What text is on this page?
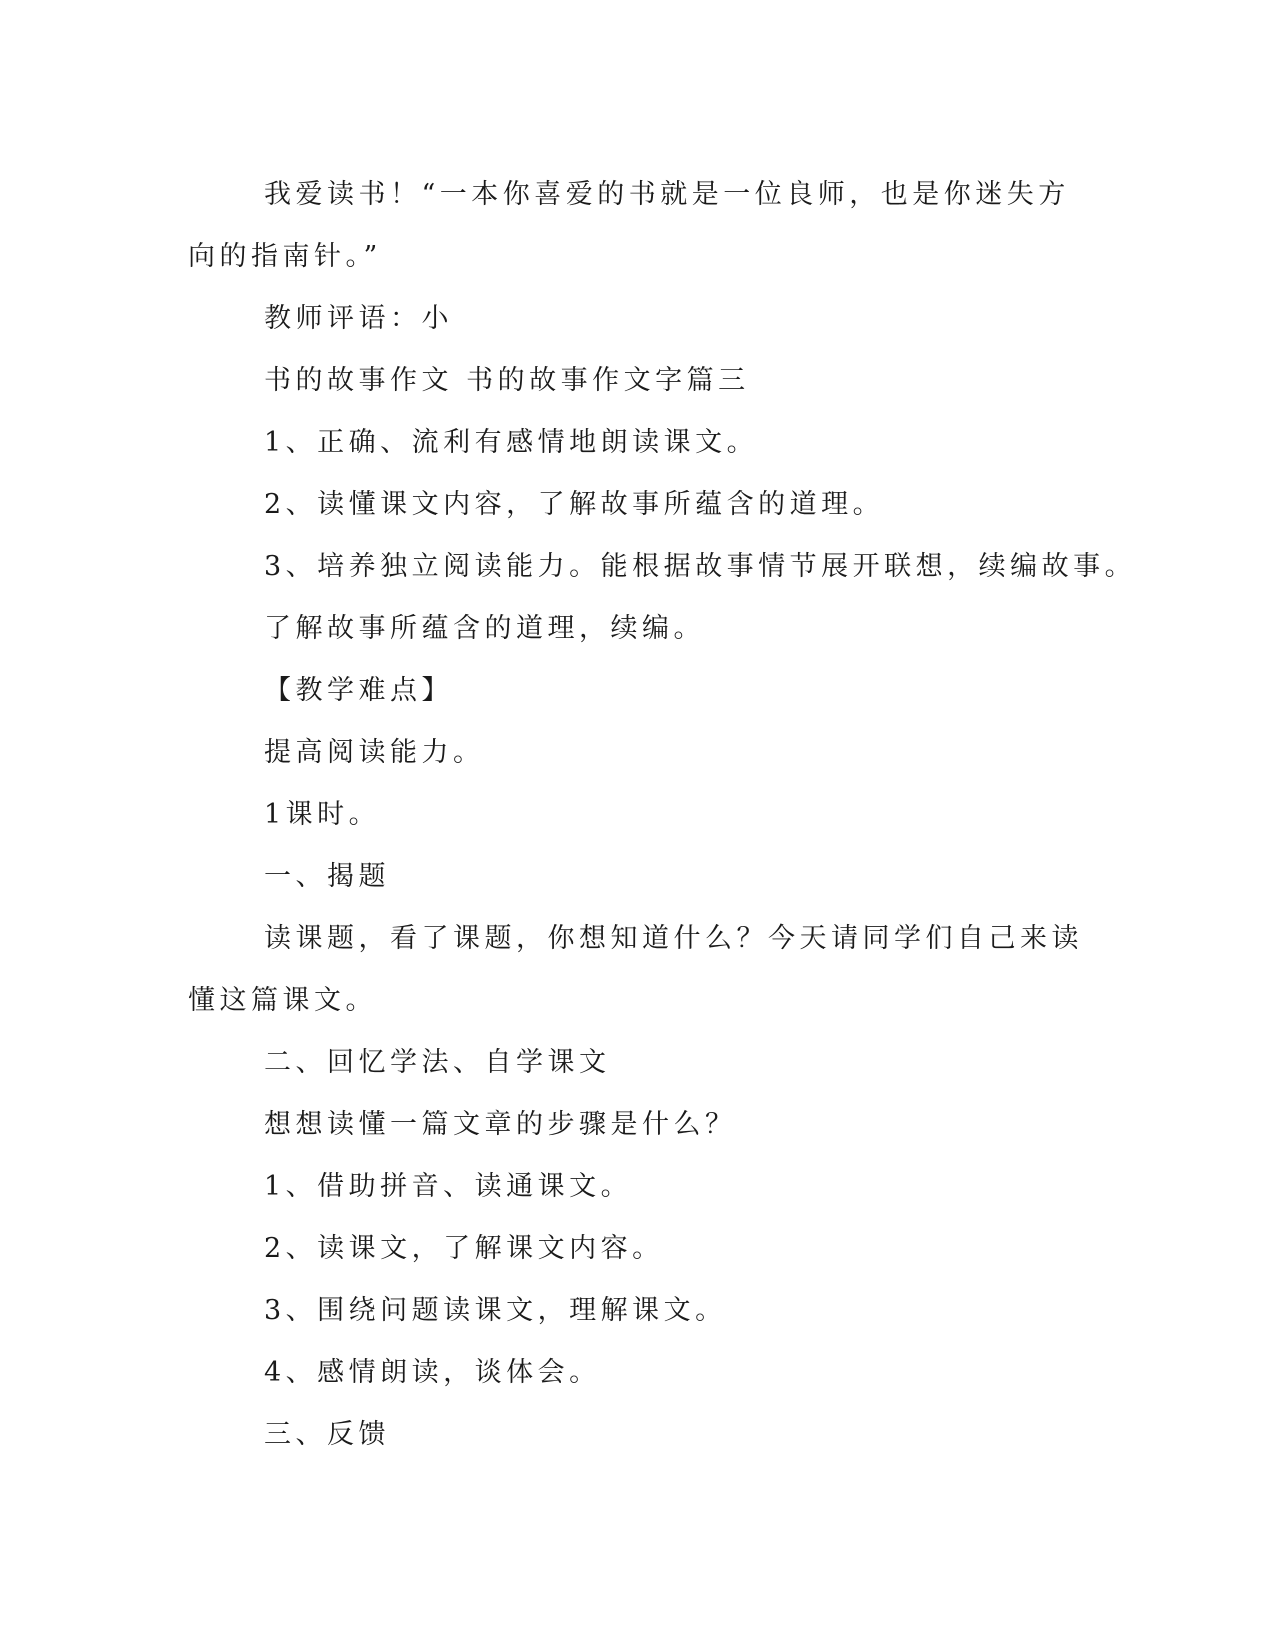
我爱读书！“一本你喜爱的书就是一位良师，也是你迷失方向的指南针。”

教师评语：小

书的故事作文 书的故事作文字篇三

1、正确、流利有感情地朗读课文。

2、读懂课文内容，了解故事所蕴含的道理。

3、培养独立阅读能力。能根据故事情节展开联想，续编故事。

了解故事所蕴含的道理，续编。

【教学难点】

提高阅读能力。

1课时。

一、揭题

读课题，看了课题，你想知道什么？今天请同学们自己来读懂这篇课文。

二、回忆学法、自学课文

想想读懂一篇文章的步骤是什么？

1、借助拼音、读通课文。

2、读课文，了解课文内容。

3、围绕问题读课文，理解课文。

4、感情朗读，谈体会。

三、反馈
